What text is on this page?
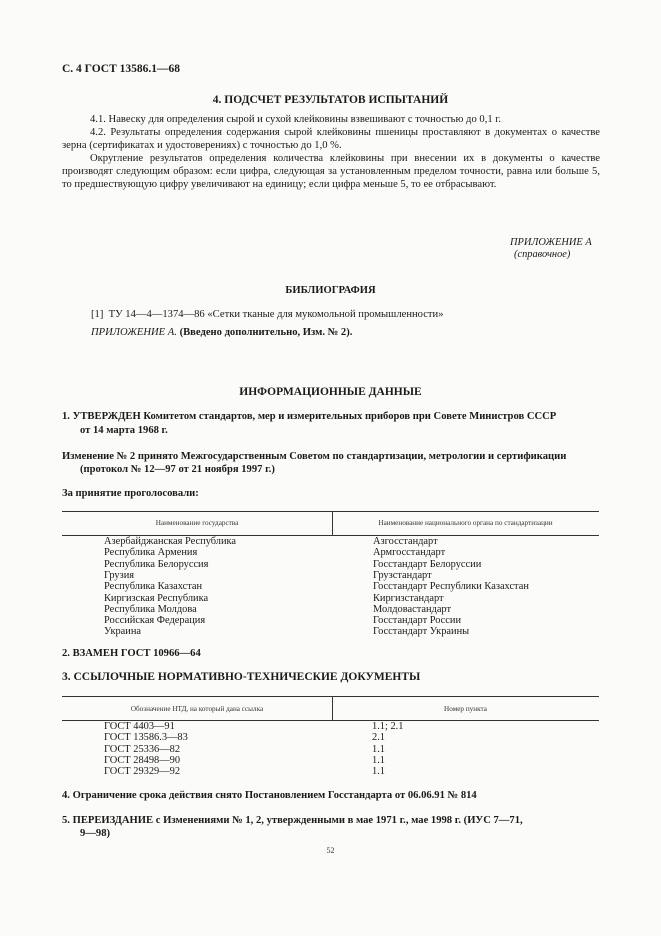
С. 4 ГОСТ 13586.1—68
4. ПОДСЧЕТ РЕЗУЛЬТАТОВ ИСПЫТАНИЙ
4.1. Навеску для определения сырой и сухой клейковины взвешивают с точностью до 0,1 г.
4.2. Результаты определения содержания сырой клейковины пшеницы проставляют в документах о качестве зерна (сертификатах и удостоверениях) с точностью до 1,0 %.
Округление результатов определения количества клейковины при внесении их в документы о качестве производят следующим образом: если цифра, следующая за установленным пределом точности, равна или больше 5, то предшествующую цифру увеличивают на единицу; если цифра меньше 5, то ее отбрасывают.
ПРИЛОЖЕНИЕ А
(справочное)
БИБЛИОГРАФИЯ
[1] ТУ 14—4—1374—86 «Сетки тканые для мукомольной промышленности»
ПРИЛОЖЕНИЕ А. (Введено дополнительно, Изм. № 2).
ИНФОРМАЦИОННЫЕ ДАННЫЕ
1. УТВЕРЖДЕН Комитетом стандартов, мер и измерительных приборов при Совете Министров СССР
от 14 марта 1968 г.
Изменение № 2 принято Межгосударственным Советом по стандартизации, метрологии и сертификации
(протокол № 12—97 от 21 ноября 1997 г.)
За принятие проголосовали:
Наименование государства	Наименование национального органа по стандартизации
Азербайджанская Республика	Азгосстандарт
Республика Армения	Армгосстандарт
Республика Белоруссия	Госстандарт Белоруссии
Грузия	Грузстандарт
Республика Казахстан	Госстандарт Республики Казахстан
Киргизская Республика	Киргизстандарт
Республика Молдова	Молдовастандарт
Российская Федерация	Госстандарт России
Украина	Госстандарт Украины
2. ВЗАМЕН ГОСТ 10966—64
3. ССЫЛОЧНЫЕ НОРМАТИВНО-ТЕХНИЧЕСКИЕ ДОКУМЕНТЫ
Обозначение НТД, на который дана ссылка	Номер пункта
ГОСТ 4403—91	1.1; 2.1
ГОСТ 13586.3—83	2.1
ГОСТ 25336—82	1.1
ГОСТ 28498—90	1.1
ГОСТ 29329—92	1.1
4. Ограничение срока действия снято Постановлением Госстандарта от 06.06.91 № 814
5. ПЕРЕИЗДАНИЕ с Изменениями № 1, 2, утвержденными в мае 1971 г., мае 1998 г. (ИУС 7—71,
9—98)
52
